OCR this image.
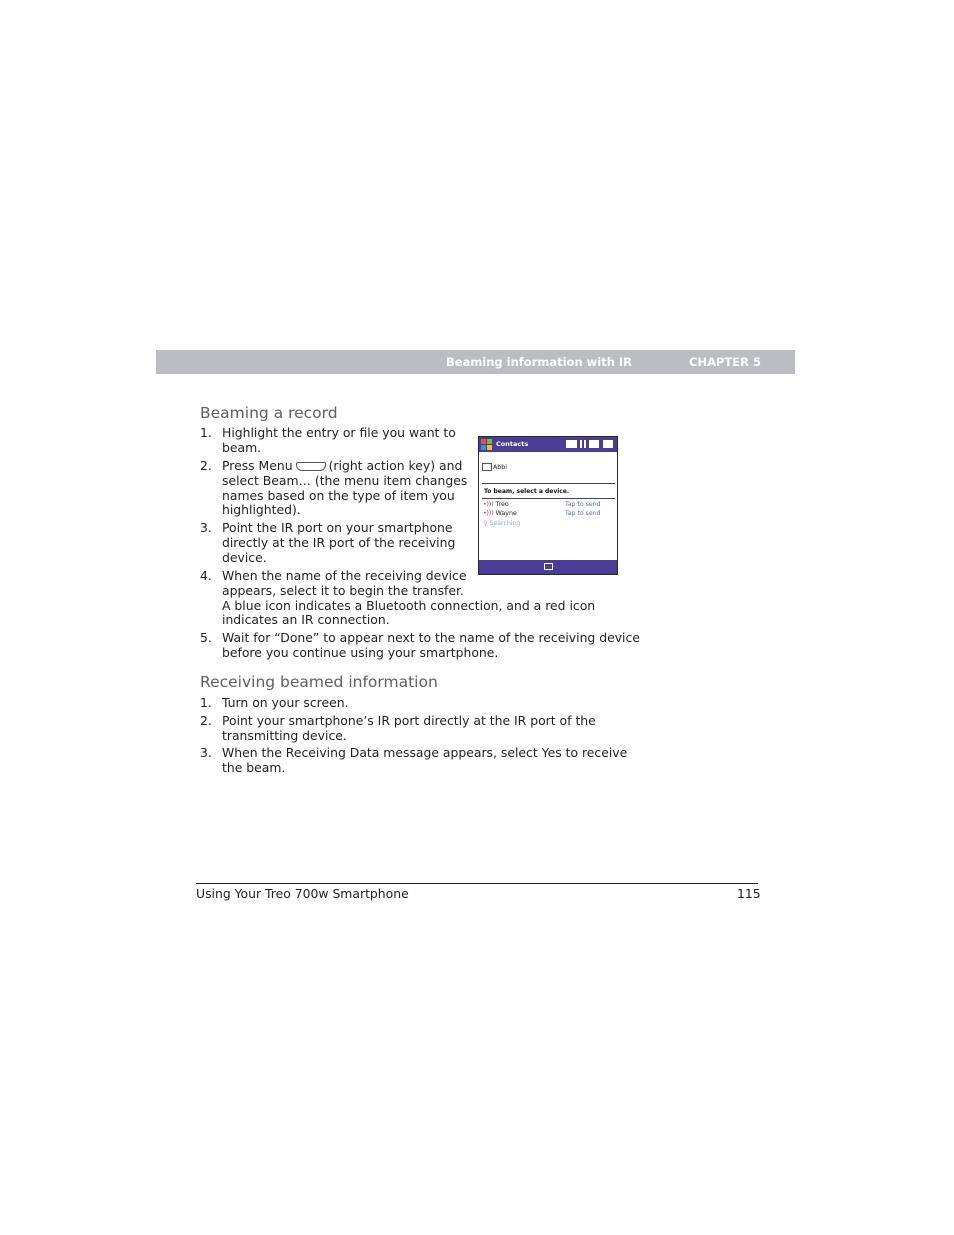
Beaming information with IR	CHAPTER 5
Beaming a record
1. Highlight the entry or file you want to
beam.
2. Press Menu	(right action key) and
select Beam… (the menu item changes
names based on the type of item you
highlighted).
3. Point the IR port on your smartphone
directly at the IR port of the receiving
device.
4. When the name of the receiving device
appears, select it to begin the transfer.
A blue icon indicates a Bluetooth connection, and a red icon
indicates an IR connection.
5. Wait for “Done” to appear next to the name of the receiving device
before you continue using your smartphone.
Contacts
Abbi
To beam, select a device.
•))) Treo	Tap to send
•))) Wayne	Tap to send
⚲ Searching
Receiving beamed information
1. Turn on your screen.
2. Point your smartphone’s IR port directly at the IR port of the
transmitting device.
3. When the Receiving Data message appears, select Yes to receive
the beam.
Using Your Treo 700w Smartphone	115
